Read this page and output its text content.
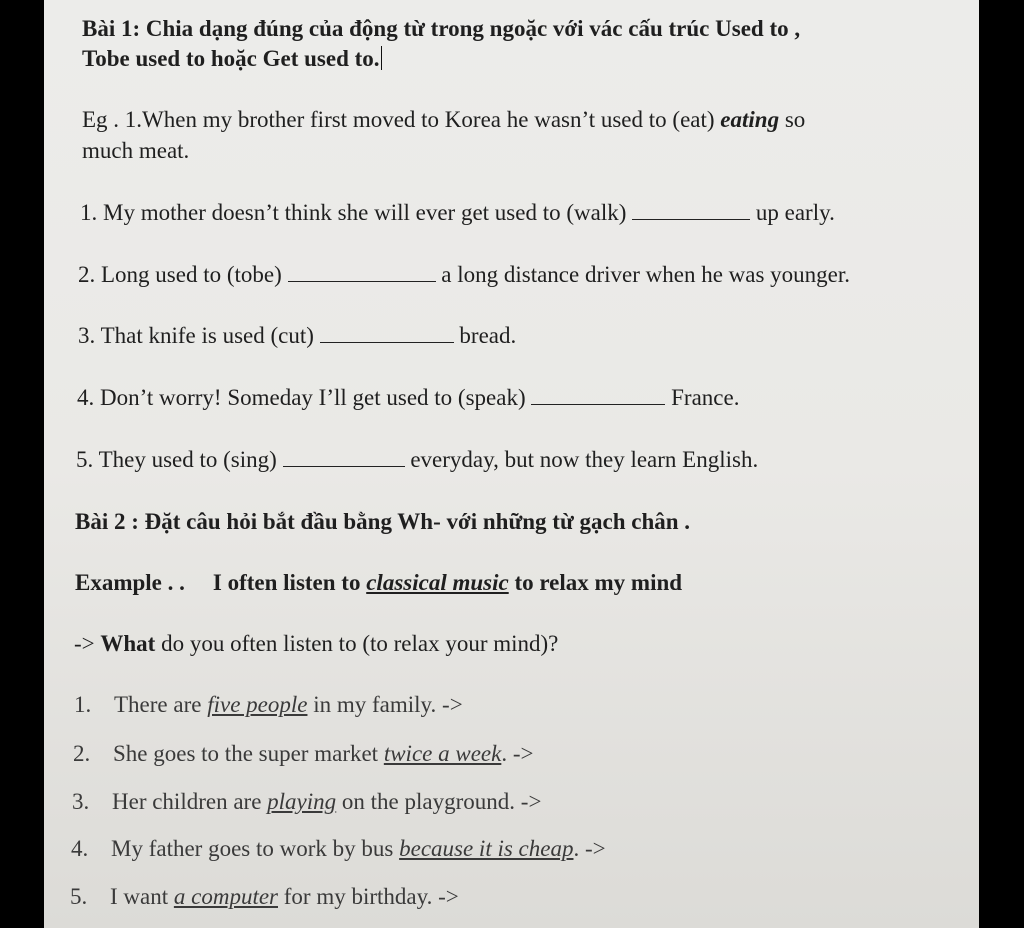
Bài 1: Chia dạng đúng của động từ trong ngoặc với vác cấu trúc Used to ,
Tobe used to hoặc Get used to.
Eg . 1.When my brother first moved to Korea he wasn’t used to (eat) eating so
much meat.
1. My mother doesn’t think she will ever get used to (walk)	up early.
2. Long used to (tobe)	a long distance driver when he was younger.
3. That knife is used (cut)	bread.
4. Don’t worry! Someday I’ll get used to (speak)	France.
5. They used to (sing)	everyday, but now they learn English.
Bài 2 : Đặt câu hỏi bắt đầu bằng Wh- với những từ gạch chân .
Example . . I often listen to classical music to relax my mind
-> What do you often listen to (to relax your mind)?
1. There are five people in my family. ->
2. She goes to the super market twice a week. ->
3. Her children are playing on the playground. ->
4. My father goes to work by bus because it is cheap. ->
5. I want a computer for my birthday. ->
